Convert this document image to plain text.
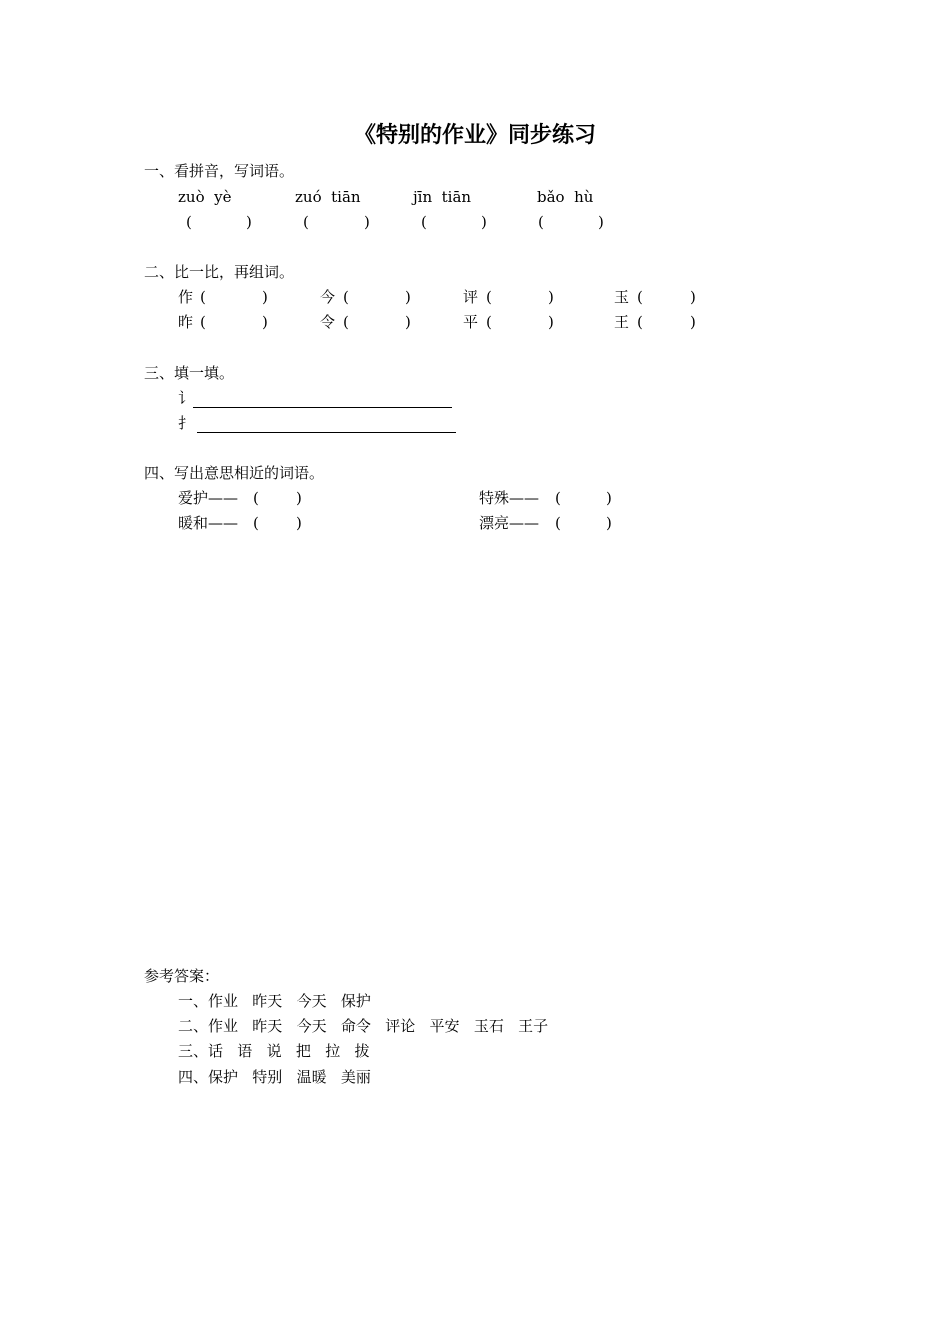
《特别的作业》同步练习
一、看拼音，写词语。
zuò  yè	zuó  tiān	jīn  tiān	bǎo  hù
(	)	(	)	(	)	(	)
二、比一比，再组词。
作 (	)	今 (	)	评 (	)	玉 (	)
昨 (	)	令 (	)	平 (	)	王 (	)
三、填一填。
讠
扌
四、写出意思相近的词语。
爱护—— ( )	特殊—— (	)
暖和—— ( )	漂亮—— (	)
参考答案：
一、作业   昨天   今天   保护
二、作业   昨天   今天   命令   评论   平安   玉石   王子
三、话   语   说   把   拉   拔
四、保护   特别   温暖   美丽
